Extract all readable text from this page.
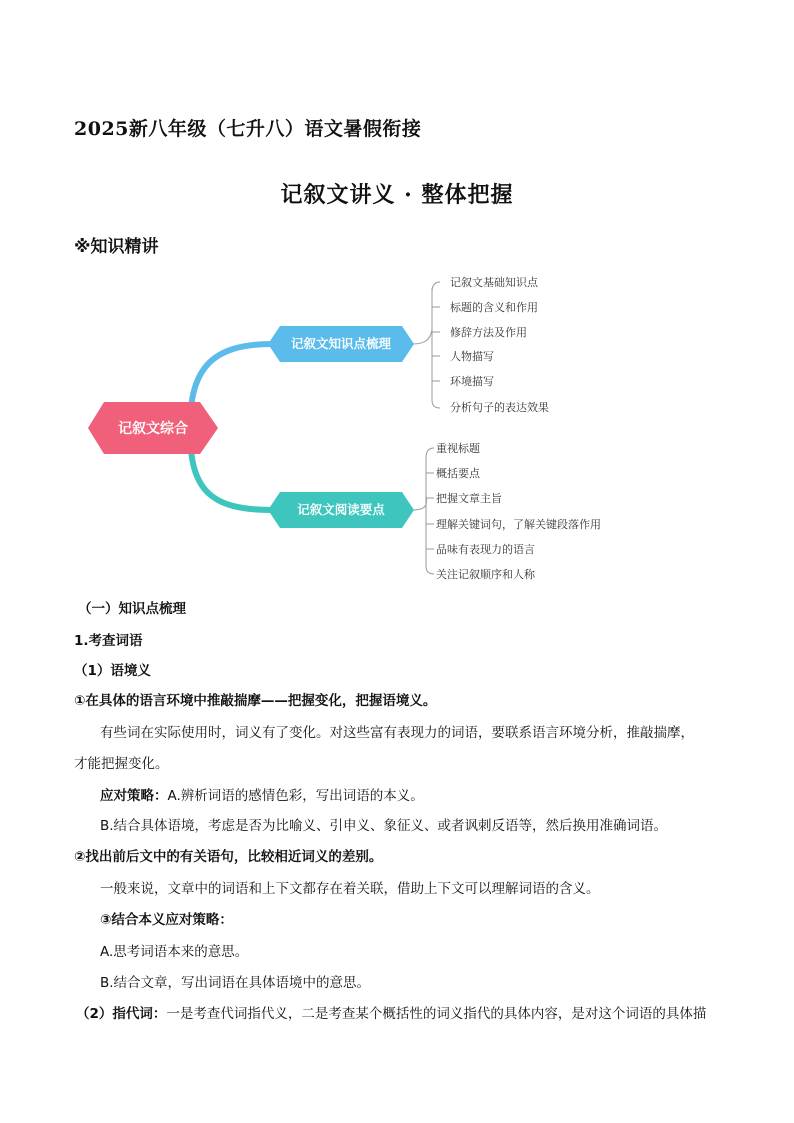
2025新八年级（七升八）语文暑假衔接
记叙文讲义 · 整体把握
※知识精讲
记叙文综合
记叙文知识点梳理
记叙文阅读要点
记叙文基础知识点
标题的含义和作用
修辞方法及作用
人物描写
环境描写
分析句子的表达效果
重视标题
概括要点
把握文章主旨
理解关键词句，了解关键段落作用
品味有表现力的语言
关注记叙顺序和人称
（一）知识点梳理
1.考查词语
（1）语境义
①在具体的语言环境中推敲揣摩——把握变化，把握语境义。
有些词在实际使用时，词义有了变化。对这些富有表现力的词语，要联系语言环境分析，推敲揣摩，
才能把握变化。
应对策略：A.辨析词语的感情色彩，写出词语的本义。
B.结合具体语境，考虑是否为比喻义、引申义、象征义、或者讽刺反语等，然后换用准确词语。
②找出前后文中的有关语句，比较相近词义的差别。
一般来说，文章中的词语和上下文都存在着关联，借助上下文可以理解词语的含义。
③结合本义应对策略：
A.思考词语本来的意思。
B.结合文章，写出词语在具体语境中的意思。
（2）指代词：一是考查代词指代义，二是考查某个概括性的词义指代的具体内容，是对这个词语的具体描
